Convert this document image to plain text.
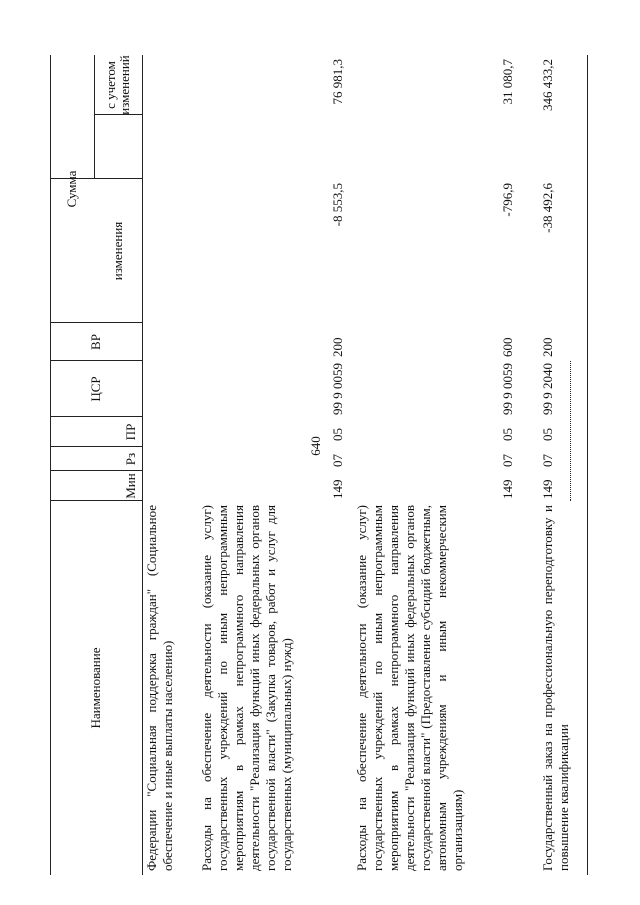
640
Наименование
Мин
Рз
ПР
ЦСР
ВР
Сумма
изменения
с учетом изменений
Федерации "Социальная поддержка граждан" (Социальное обеспечение и иные выплаты населению) Расходы на обеспечение деятельности (оказание услуг) государственных учреждений по иным непрограммным мероприятиям в рамках непрограммного направления деятельности "Реализация функций иных федеральных органов государственной власти" (Закупка товаров, работ и услуг для государственных (муниципальных) нужд)
149
07
05
99 9 0059
200
-8 553,5
76 981,3
Расходы на обеспечение деятельности (оказание услуг) государственных учреждений по иным непрограммным мероприятиям в рамках непрограммного направления деятельности "Реализация функций иных федеральных органов государственной власти" (Предоставление субсидий бюджетным, автономным учреждениям и иным некоммерческим организациям)
149
07
05
99 9 0059
600
-796,9
31 080,7
Государственный заказ на профессиональную переподготовку и повышение квалификации
149
07
05
99 9 2040
200
-38 492,6
346 433,2
